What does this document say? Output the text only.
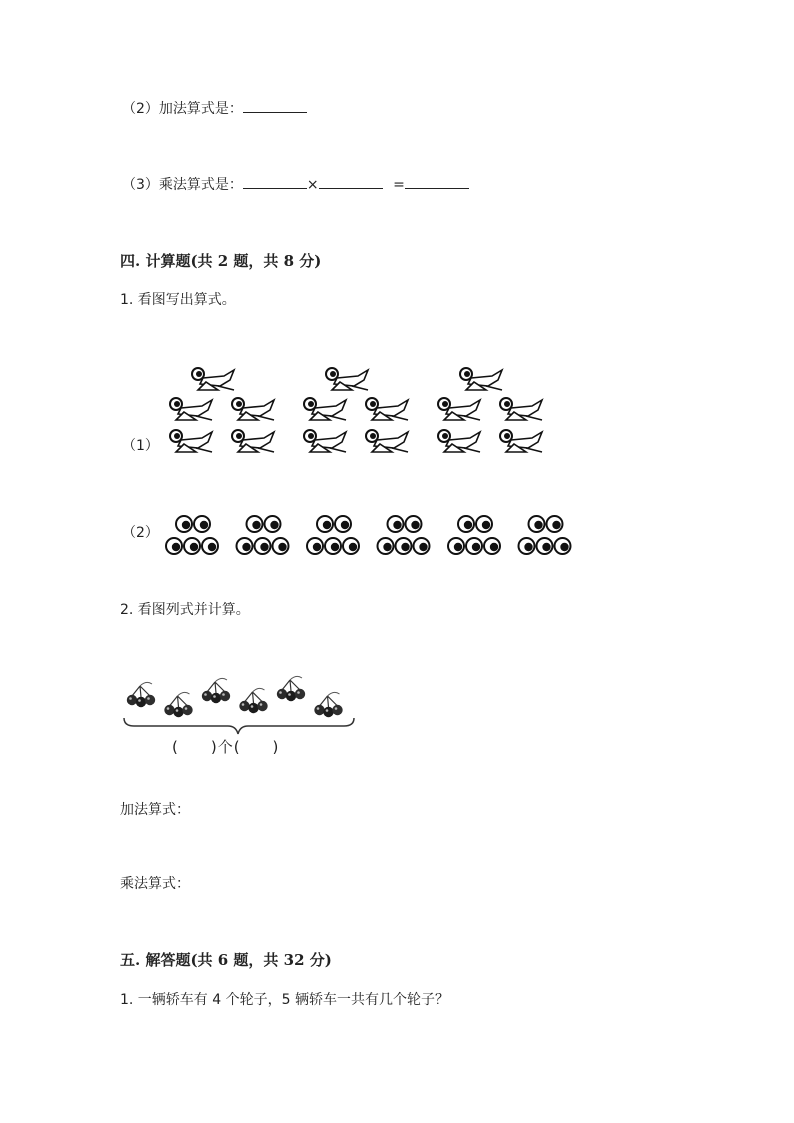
（2）加法算式是：
（3）乘法算式是：	×	=
四. 计算题(共 2 题，共 8 分)
1. 看图写出算式。
（1）
（2）
2. 看图列式并计算。
(　　)个(　　)
加法算式：
乘法算式：
五. 解答题(共 6 题，共 32 分)
1. 一辆轿车有 4 个轮子，5 辆轿车一共有几个轮子？
